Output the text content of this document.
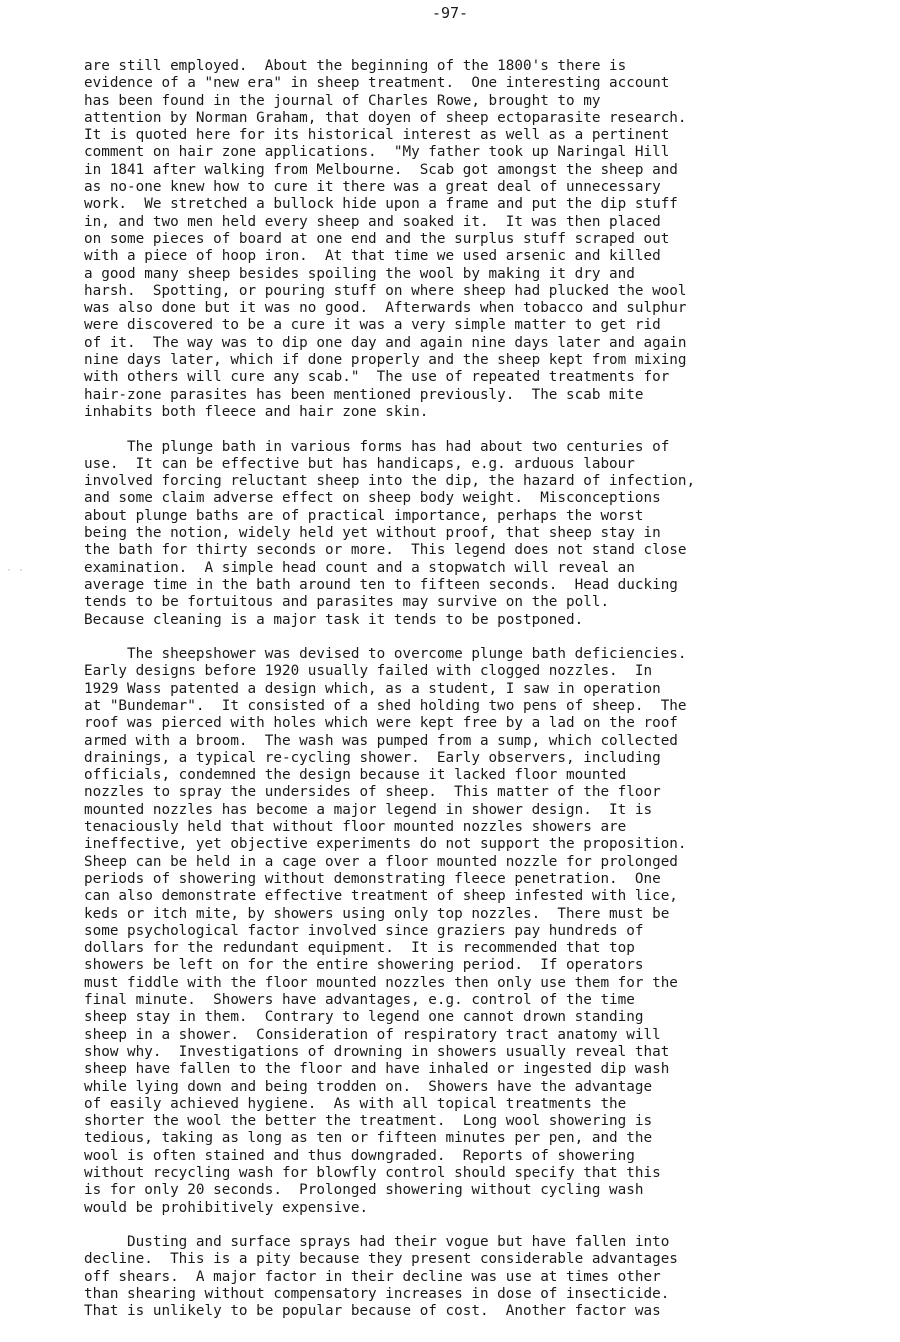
-97-
· ·
are still employed.  About the beginning of the 1800's there is
evidence of a "new era" in sheep treatment.  One interesting account
has been found in the journal of Charles Rowe, brought to my
attention by Norman Graham, that doyen of sheep ectoparasite research.
It is quoted here for its historical interest as well as a pertinent
comment on hair zone applications.  "My father took up Naringal Hill
in 1841 after walking from Melbourne.  Scab got amongst the sheep and
as no-one knew how to cure it there was a great deal of unnecessary
work.  We stretched a bullock hide upon a frame and put the dip stuff
in, and two men held every sheep and soaked it.  It was then placed
on some pieces of board at one end and the surplus stuff scraped out
with a piece of hoop iron.  At that time we used arsenic and killed
a good many sheep besides spoiling the wool by making it dry and
harsh.  Spotting, or pouring stuff on where sheep had plucked the wool
was also done but it was no good.  Afterwards when tobacco and sulphur
were discovered to be a cure it was a very simple matter to get rid
of it.  The way was to dip one day and again nine days later and again
nine days later, which if done properly and the sheep kept from mixing
with others will cure any scab."  The use of repeated treatments for
hair-zone parasites has been mentioned previously.  The scab mite
inhabits both fleece and hair zone skin.
The plunge bath in various forms has had about two centuries of
use.  It can be effective but has handicaps, e.g. arduous labour
involved forcing reluctant sheep into the dip, the hazard of infection,
and some claim adverse effect on sheep body weight.  Misconceptions
about plunge baths are of practical importance, perhaps the worst
being the notion, widely held yet without proof, that sheep stay in
the bath for thirty seconds or more.  This legend does not stand close
examination.  A simple head count and a stopwatch will reveal an
average time in the bath around ten to fifteen seconds.  Head ducking
tends to be fortuitous and parasites may survive on the poll.
Because cleaning is a major task it tends to be postponed.
The sheepshower was devised to overcome plunge bath deficiencies.
Early designs before 1920 usually failed with clogged nozzles.  In
1929 Wass patented a design which, as a student, I saw in operation
at "Bundemar".  It consisted of a shed holding two pens of sheep.  The
roof was pierced with holes which were kept free by a lad on the roof
armed with a broom.  The wash was pumped from a sump, which collected
drainings, a typical re-cycling shower.  Early observers, including
officials, condemned the design because it lacked floor mounted
nozzles to spray the undersides of sheep.  This matter of the floor
mounted nozzles has become a major legend in shower design.  It is
tenaciously held that without floor mounted nozzles showers are
ineffective, yet objective experiments do not support the proposition.
Sheep can be held in a cage over a floor mounted nozzle for prolonged
periods of showering without demonstrating fleece penetration.  One
can also demonstrate effective treatment of sheep infested with lice,
keds or itch mite, by showers using only top nozzles.  There must be
some psychological factor involved since graziers pay hundreds of
dollars for the redundant equipment.  It is recommended that top
showers be left on for the entire showering period.  If operators
must fiddle with the floor mounted nozzles then only use them for the
final minute.  Showers have advantages, e.g. control of the time
sheep stay in them.  Contrary to legend one cannot drown standing
sheep in a shower.  Consideration of respiratory tract anatomy will
show why.  Investigations of drowning in showers usually reveal that
sheep have fallen to the floor and have inhaled or ingested dip wash
while lying down and being trodden on.  Showers have the advantage
of easily achieved hygiene.  As with all topical treatments the
shorter the wool the better the treatment.  Long wool showering is
tedious, taking as long as ten or fifteen minutes per pen, and the
wool is often stained and thus downgraded.  Reports of showering
without recycling wash for blowfly control should specify that this
is for only 20 seconds.  Prolonged showering without cycling wash
would be prohibitively expensive.
Dusting and surface sprays had their vogue but have fallen into
decline.  This is a pity because they present considerable advantages
off shears.  A major factor in their decline was use at times other
than shearing without compensatory increases in dose of insecticide.
That is unlikely to be popular because of cost.  Another factor was
